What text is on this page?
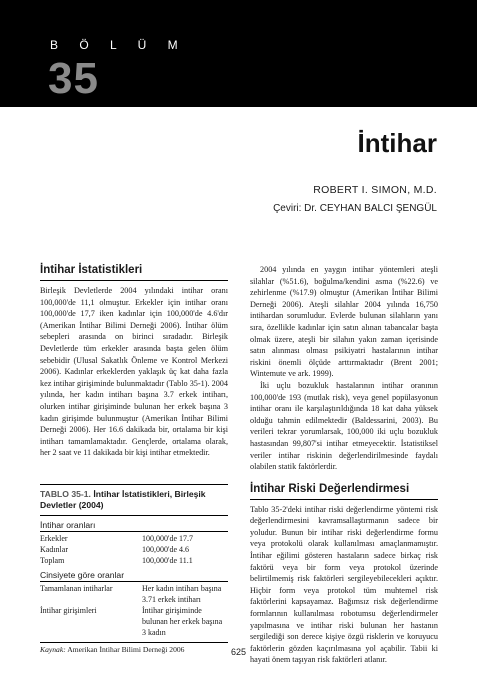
B Ö L Ü M
35
İntihar
ROBERT I. SIMON, M.D.
Çeviri: Dr. CEYHAN BALCI ŞENGÜL
İntihar İstatistikleri

Birleşik Devletlerde 2004 yılındaki intihar oranı 100,000'de 11,1 olmuştur. Erkekler için intihar oranı 100,000'de 17,7 iken kadınlar için 100,000'de 4.6'dır (Amerikan İntihar Bilimi Derneği 2006). İntihar ölüm sebepleri arasında on birinci sıradadır. Birleşik Devletlerde tüm erkekler arasında başta gelen ölüm sebebidir (Ulusal Sakatlık Önleme ve Kontrol Merkezi 2006). Kadınlar erkeklerden yaklaşık üç kat daha fazla kez intihar girişiminde bulunmaktadır (Tablo 35-1). 2004 yılında, her kadın intiharı başına 3.7 erkek intiharı, olurken intihar girişiminde bulunan her erkek başına 3 kadın girişimde bulunmuştur (Amerikan İntihar Bilimi Derneği 2006). Her 16.6 dakikada bir, ortalama bir kişi intiharı tamamlamaktadır. Gençlerde, ortalama olarak, her 2 saat ve 11 dakikada bir kişi intihar etmektedir.

TABLO 35-1. İntihar İstatistikleri, Birleşik Devletler (2004)
İntihar oranları
Erkekler	100,000'de 17.7
Kadınlar	100,000'de 4.6
Toplam	100,000'de 11.1
Cinsiyete göre oranlar
Tamamlanan intiharlar	Her kadın intiharı başına 3.71 erkek intiharı
İntihar girişimleri	İntihar girişiminde bulunan her erkek başına 3 kadın
Kaynak: Amerikan İntihar Bilimi Derneği 2006

2004 yılında en yaygın intihar yöntemleri ateşli silahlar (%51.6), boğulma/kendini asma (%22.6) ve zehirlenme (%17.9) olmuştur (Amerikan İntihar Bilimi Derneği 2006). Ateşli silahlar 2004 yılında 16,750 intihardan sorumludur. Evlerde bulunan silahların yanı sıra, özellikle kadınlar için satın alınan tabancalar başta olmak üzere, ateşli bir silahın yakın zaman içerisinde satın alınması olması psikiyatri hastalarının intihar riskini önemli ölçüde arttırmaktadır (Brent 2001; Wintemute ve ark. 1999).

İki uçlu bozukluk hastalarının intihar oranının 100,000'de 193 (mutlak risk), veya genel popülasyonun intihar oranı ile karşılaştırıldığında 18 kat daha yüksek olduğu tahmin edilmektedir (Baldessarini, 2003). Bu verileri tekrar yorumlarsak, 100,000 iki uçlu bozukluk hastasından 99,807'si intihar etmeyecektir. İstatistiksel veriler intihar riskinin değerlendirilmesinde faydalı olabilen statik faktörlerdir.

İntihar Riski Değerlendirmesi

Tablo 35-2'deki intihar riski değerlendirme yöntemi risk değerlendirmesini kavramsallaştırmanın sadece bir yoludur. Bunun bir intihar riski değerlendirme formu veya protokolü olarak kullanılması amaçlanmamıştır. İntihar eğilimi gösteren hastaların sadece birkaç risk faktörü veya bir form veya protokol üzerinde belirtilmemiş risk faktörleri sergileyebilecekleri açıktır. Hiçbir form veya protokol tüm muhtemel risk faktörlerini kapsayamaz. Bağımsız risk değerlendirme formlarının kullanılması robotumsu değerlendirmeler yapılmasına ve intihar riski bulunan her hastanın sergilediği son derece kişiye özgü risklerin ve koruyucu faktörlerin gözden kaçırılmasına yol açabilir. Tabii ki hayati önem taşıyan risk faktörleri atlanır.

625
